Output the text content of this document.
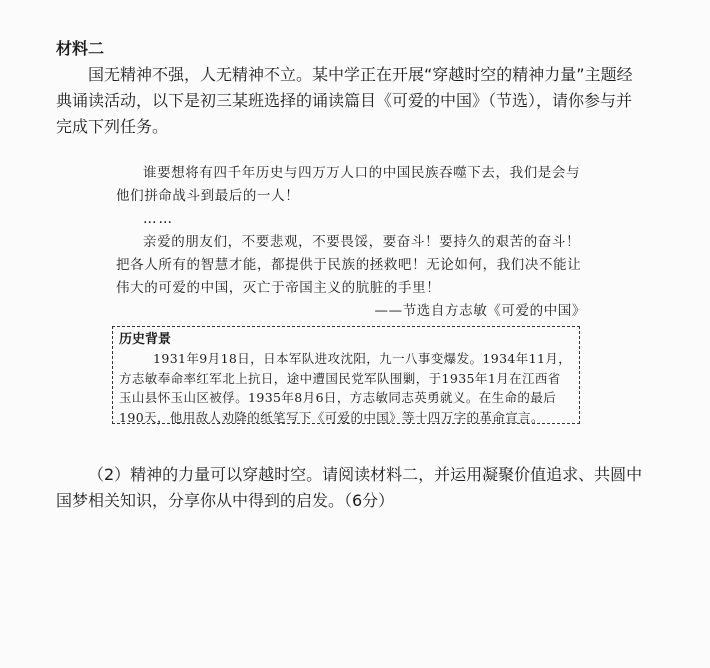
材料二
国无精神不强，人无精神不立。某中学正在开展“穿越时空的精神力量”主题经典诵读活动，以下是初三某班选择的诵读篇目《可爱的中国》（节选），请你参与并完成下列任务。

谁要想将有四千年历史与四万万人口的中国民族吞噬下去，我们是会与他们拼命战斗到最后的一人！

……

亲爱的朋友们，不要悲观，不要畏馁，要奋斗！要持久的艰苦的奋斗！把各人所有的智慧才能，都提供于民族的拯救吧！无论如何，我们决不能让伟大的可爱的中国，灭亡于帝国主义的肮脏的手里！

——节选自方志敏《可爱的中国》

历史背景
1931年9月18日，日本军队进攻沈阳，九一八事变爆发。1934年11月，方志敏奉命率红军北上抗日，途中遭国民党军队围剿，于1935年1月在江西省玉山县怀玉山区被俘。1935年8月6日，方志敏同志英勇就义。在生命的最后190天，他用敌人劝降的纸笔写下《可爱的中国》等十四万字的革命宣言。
（2）精神的力量可以穿越时空。请阅读材料二，并运用凝聚价值追求、共圆中国梦相关知识，分享你从中得到的启发。（6分）
